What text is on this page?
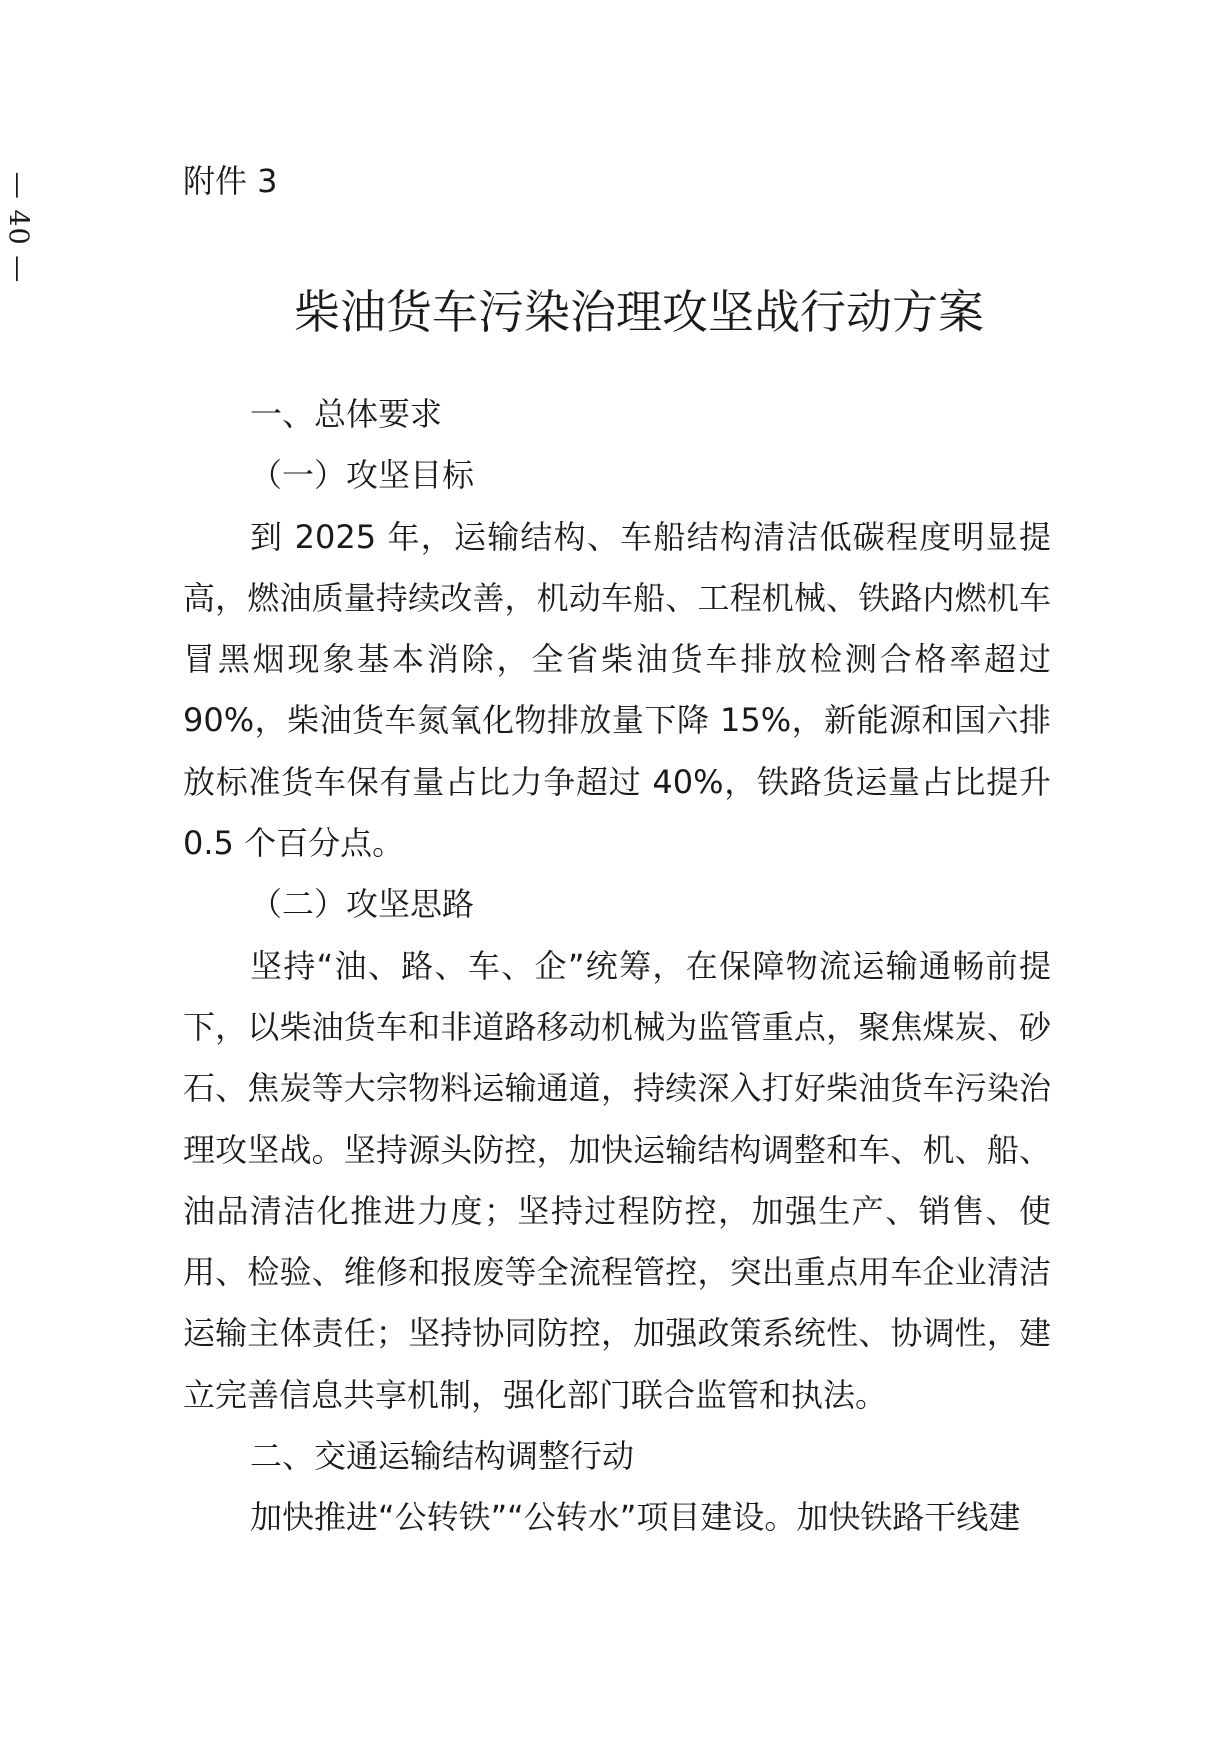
— 40 —	附件 3
柴油货车污染治理攻坚战行动方案

一、总体要求

（一）攻坚目标

到 2025 年，运输结构、车船结构清洁低碳程度明显提高，燃油质量持续改善，机动车船、工程机械、铁路内燃机车冒黑烟现象基本消除，全省柴油货车排放检测合格率超过90%，柴油货车氮氧化物排放量下降 15%，新能源和国六排放标准货车保有量占比力争超过 40%，铁路货运量占比提升0.5 个百分点。

（二）攻坚思路

坚持“油、路、车、企”统筹，在保障物流运输通畅前提下，以柴油货车和非道路移动机械为监管重点，聚焦煤炭、砂石、焦炭等大宗物料运输通道，持续深入打好柴油货车污染治理攻坚战。坚持源头防控，加快运输结构调整和车、机、船、油品清洁化推进力度；坚持过程防控，加强生产、销售、使用、检验、维修和报废等全流程管控，突出重点用车企业清洁运输主体责任；坚持协同防控，加强政策系统性、协调性，建立完善信息共享机制，强化部门联合监管和执法。

二、交通运输结构调整行动

加快推进“公转铁”“公转水”项目建设。加快铁路干线建
